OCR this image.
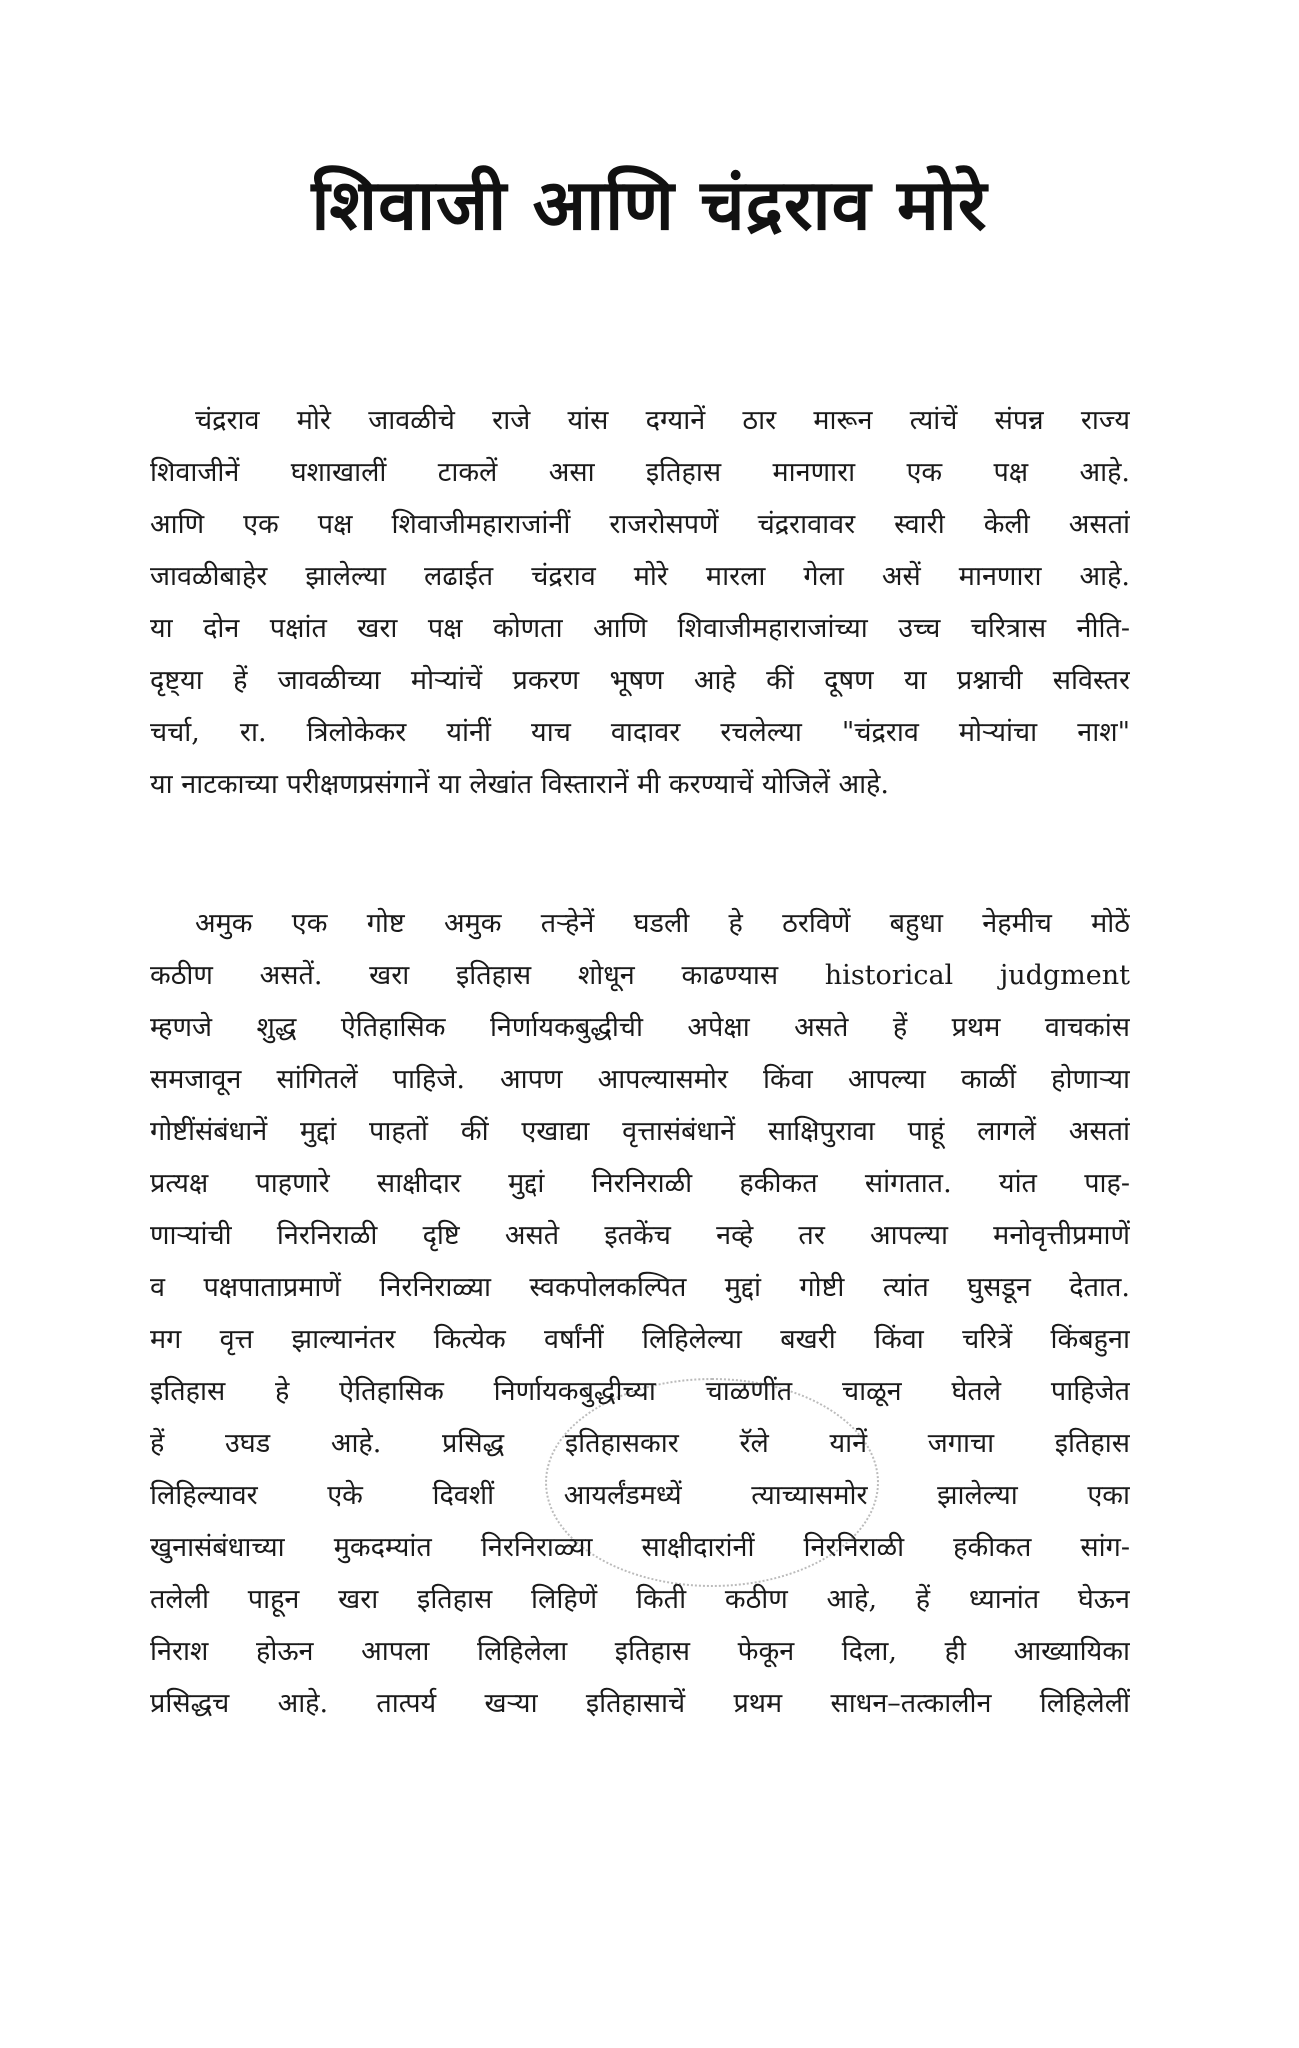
शिवाजी आणि चंद्रराव मोरे
चंद्रराव मोरे जावळीचे राजे यांस दग्यानें ठार मारून त्यांचें संपन्न राज्य
शिवाजीनें घशाखालीं टाकलें असा इतिहास मानणारा एक पक्ष आहे.
आणि एक पक्ष शिवाजीमहाराजांनीं राजरोसपणें चंद्ररावावर स्वारी केली असतां
जावळीबाहेर झालेल्या लढाईत चंद्रराव मोरे मारला गेला असें मानणारा आहे.
या दोन पक्षांत खरा पक्ष कोणता आणि शिवाजीमहाराजांच्या उच्च चरित्रास नीति-
दृष्ट्या हें जावळीच्या मोऱ्यांचें प्रकरण भूषण आहे कीं दूषण या प्रश्नाची सविस्तर
चर्चा, रा. त्रिलोकेकर यांनीं याच वादावर रचलेल्या "चंद्रराव मोऱ्यांचा नाश"
या नाटकाच्या परीक्षणप्रसंगानें या लेखांत विस्तारानें मी करण्याचें योजिलें आहे.
अमुक एक गोष्ट अमुक तऱ्हेनें घडली हे ठरविणें बहुधा नेहमीच मोठें
कठीण असतें. खरा इतिहास शोधून काढण्यास historical judgment
म्हणजे शुद्ध ऐतिहासिक निर्णायकबुद्धीची अपेक्षा असते हें प्रथम वाचकांस
समजावून सांगितलें पाहिजे. आपण आपल्यासमोर किंवा आपल्या काळीं होणाऱ्या
गोष्टींसंबंधानें मुद्दां पाहतों कीं एखाद्या वृत्तासंबंधानें साक्षिपुरावा पाहूं लागलें असतां
प्रत्यक्ष पाहणारे साक्षीदार मुद्दां निरनिराळी हकीकत सांगतात. यांत पाह-
णाऱ्यांची निरनिराळी दृष्टि असते इतकेंच नव्हे तर आपल्या मनोवृत्तीप्रमाणें
व पक्षपाताप्रमाणें निरनिराळ्या स्वकपोलकल्पित मुद्दां गोष्टी त्यांत घुसडून देतात.
मग वृत्त झाल्यानंतर कित्येक वर्षांनीं लिहिलेल्या बखरी किंवा चरित्रें किंबहुना
इतिहास हे ऐतिहासिक निर्णायकबुद्धीच्या चाळणींत चाळून घेतले पाहिजेत
हें उघड आहे. प्रसिद्ध इतिहासकार रॅले यानें जगाचा इतिहास
लिहिल्यावर एके दिवशीं आयर्लंडमध्यें त्याच्यासमोर झालेल्या एका
खुनासंबंधाच्या मुकदम्यांत निरनिराळ्या साक्षीदारांनीं निरनिराळी हकीकत सांग-
तलेली पाहून खरा इतिहास लिहिणें किती कठीण आहे, हें ध्यानांत घेऊन
निराश होऊन आपला लिहिलेला इतिहास फेकून दिला, ही आख्यायिका
प्रसिद्धच आहे. तात्पर्य खऱ्या इतिहासाचें प्रथम साधन–तत्कालीन लिहिलेलीं
